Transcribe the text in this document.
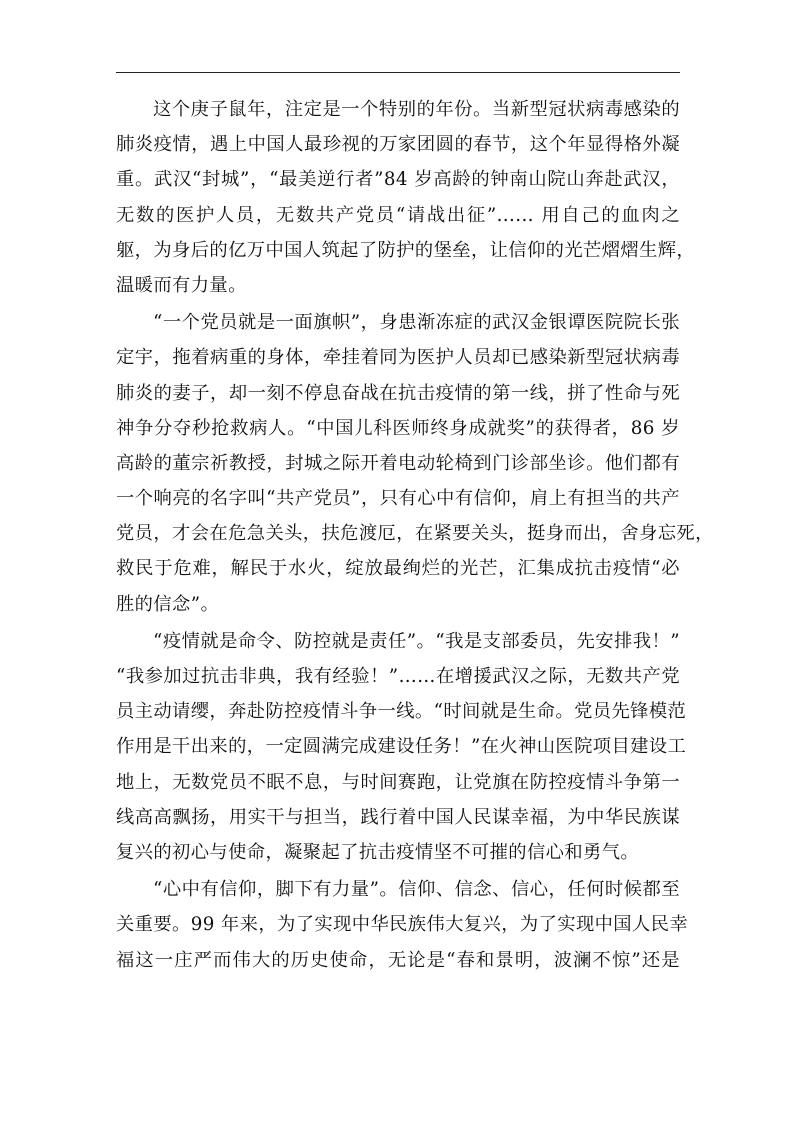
这个庚子鼠年，注定是一个特别的年份。当新型冠状病毒感染的
肺炎疫情，遇上中国人最珍视的万家团圆的春节，这个年显得格外凝
重。武汉“封城”，“最美逆行者”84 岁高龄的钟南山院山奔赴武汉，
无数的医护人员，无数共产党员“请战出征”...... 用自己的血肉之
躯，为身后的亿万中国人筑起了防护的堡垒，让信仰的光芒熠熠生辉，
温暖而有力量。

“一个党员就是一面旗帜”，身患渐冻症的武汉金银谭医院院长张
定宇，拖着病重的身体，牵挂着同为医护人员却已感染新型冠状病毒
肺炎的妻子，却一刻不停息奋战在抗击疫情的第一线，拼了性命与死
神争分夺秒抢救病人。“中国儿科医师终身成就奖”的获得者，86 岁
高龄的董宗祈教授，封城之际开着电动轮椅到门诊部坐诊。他们都有
一个响亮的名字叫“共产党员”，只有心中有信仰，肩上有担当的共产
党员，才会在危急关头，扶危渡厄，在紧要关头，挺身而出，舍身忘死，
救民于危难，解民于水火，绽放最绚烂的光芒，汇集成抗击疫情“必
胜的信念”。

“疫情就是命令、防控就是责任”。“我是支部委员，先安排我！”
“我参加过抗击非典，我有经验！”……在增援武汉之际，无数共产党
员主动请缨，奔赴防控疫情斗争一线。“时间就是生命。党员先锋模范
作用是干出来的，一定圆满完成建设任务！”在火神山医院项目建设工
地上，无数党员不眠不息，与时间赛跑，让党旗在防控疫情斗争第一
线高高飘扬，用实干与担当，践行着中国人民谋幸福，为中华民族谋
复兴的初心与使命，凝聚起了抗击疫情坚不可摧的信心和勇气。

“心中有信仰，脚下有力量”。信仰、信念、信心，任何时候都至
关重要。99 年来，为了实现中华民族伟大复兴，为了实现中国人民幸
福这一庄严而伟大的历史使命，无论是“春和景明，波澜不惊”还是
